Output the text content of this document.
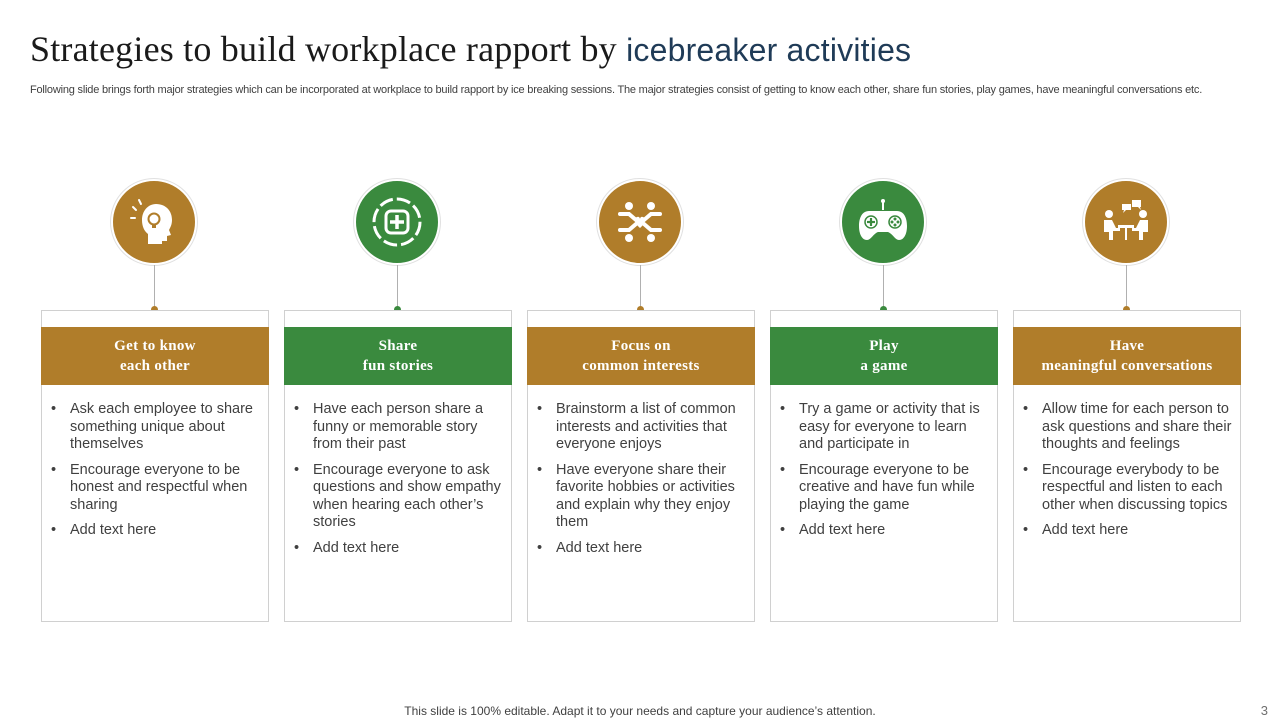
Strategies to build workplace rapport by icebreaker activities

Following slide brings forth major strategies which can be incorporated at workplace to build rapport by ice breaking sessions. The major strategies consist of getting to know each other, share fun stories, play games, have meaningful conversations etc.

Get to know
each other
• Ask each employee to share something unique about themselves
• Encourage everyone to be honest and respectful when sharing
• Add text here
Share
fun stories
• Have each person share a funny or memorable story from their past
• Encourage everyone to ask questions and show empathy when hearing each other’s stories
• Add text here
Focus on
common interests
• Brainstorm a list of common interests and activities that everyone enjoys
• Have everyone share their favorite hobbies or activities and explain why they enjoy them
• Add text here
Play
a game
• Try a game or activity that is easy for everyone to learn and participate in
• Encourage everyone to be creative and have fun while playing the game
• Add text here
Have
meaningful conversations
• Allow time for each person to ask questions and share their thoughts and feelings
• Encourage everybody to be respectful and listen to each other when discussing topics
• Add text here
This slide is 100% editable. Adapt it to your needs and capture your audience’s attention.	3
